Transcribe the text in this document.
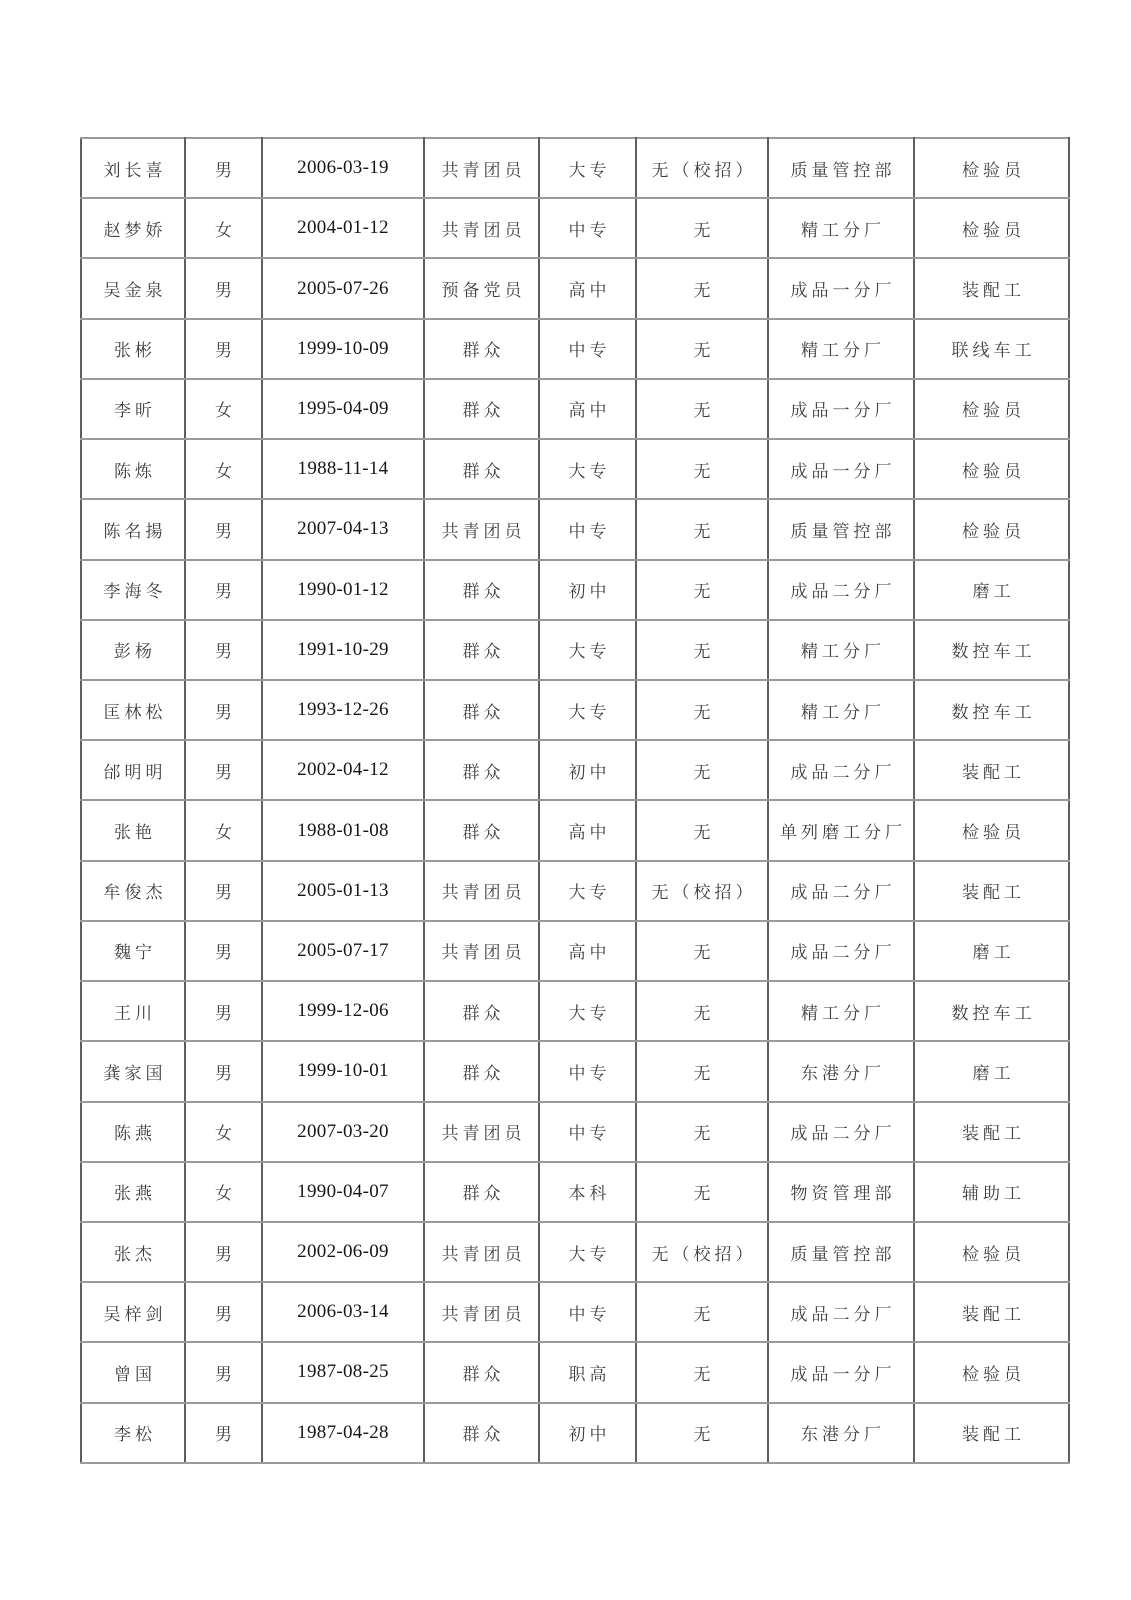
刘长喜	男	2006-03-19	共青团员	大专	无（校招）	质量管控部	检验员
赵梦娇	女	2004-01-12	共青团员	中专	无	精工分厂	检验员
吴金泉	男	2005-07-26	预备党员	高中	无	成品一分厂	装配工
张彬	男	1999-10-09	群众	中专	无	精工分厂	联线车工
李昕	女	1995-04-09	群众	高中	无	成品一分厂	检验员
陈炼	女	1988-11-14	群众	大专	无	成品一分厂	检验员
陈名揚	男	2007-04-13	共青团员	中专	无	质量管控部	检验员
李海冬	男	1990-01-12	群众	初中	无	成品二分厂	磨工
彭杨	男	1991-10-29	群众	大专	无	精工分厂	数控车工
匡林松	男	1993-12-26	群众	大专	无	精工分厂	数控车工
邰明明	男	2002-04-12	群众	初中	无	成品二分厂	装配工
张艳	女	1988-01-08	群众	高中	无	单列磨工分厂	检验员
牟俊杰	男	2005-01-13	共青团员	大专	无（校招）	成品二分厂	装配工
魏宁	男	2005-07-17	共青团员	高中	无	成品二分厂	磨工
王川	男	1999-12-06	群众	大专	无	精工分厂	数控车工
龚家国	男	1999-10-01	群众	中专	无	东港分厂	磨工
陈燕	女	2007-03-20	共青团员	中专	无	成品二分厂	装配工
张燕	女	1990-04-07	群众	本科	无	物资管理部	辅助工
张杰	男	2002-06-09	共青团员	大专	无（校招）	质量管控部	检验员
吴梓剑	男	2006-03-14	共青团员	中专	无	成品二分厂	装配工
曾国	男	1987-08-25	群众	职高	无	成品一分厂	检验员
李松	男	1987-04-28	群众	初中	无	东港分厂	装配工
